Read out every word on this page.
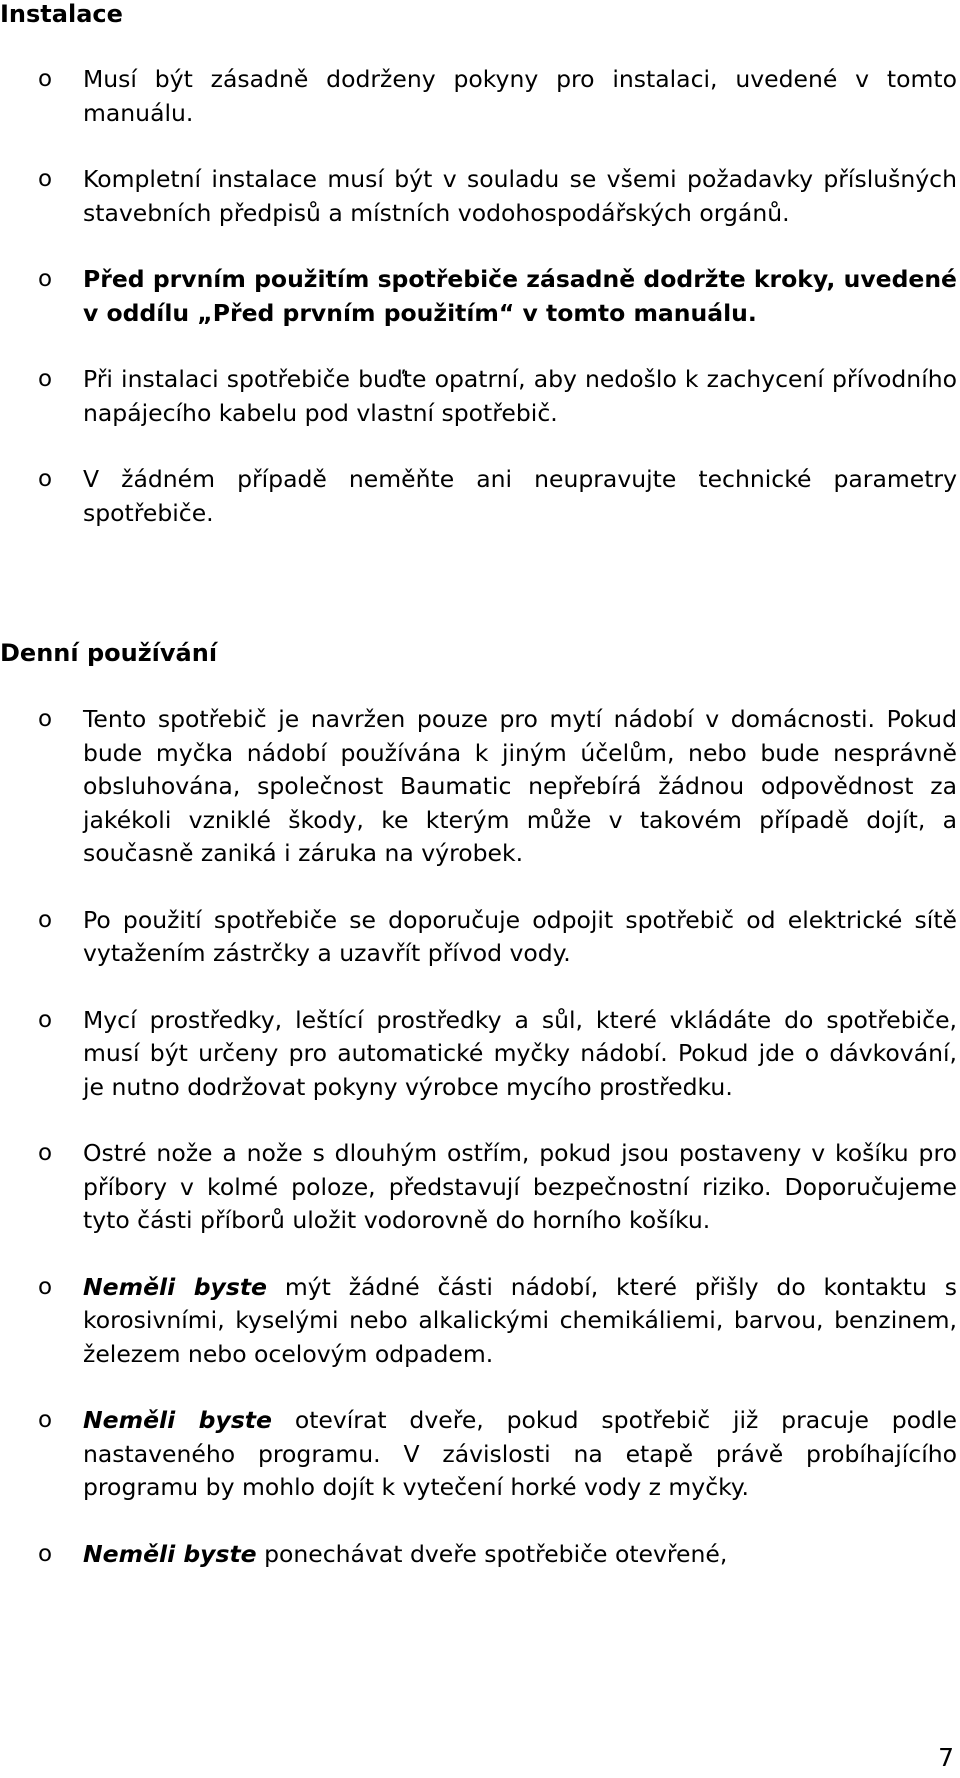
Instalace
o Musí být zásadně dodrženy pokyny pro instalaci, uvedené v tomto manuálu.
o Kompletní instalace musí být v souladu se všemi požadavky příslušných stavebních předpisů a místních vodohospodářských orgánů.
o Před prvním použitím spotřebiče zásadně dodržte kroky, uvedené v oddílu „Před prvním použitím“ v tomto manuálu.
o Při instalaci spotřebiče buďte opatrní, aby nedošlo k zachycení přívodního napájecího kabelu pod vlastní spotřebič.
o V žádném případě neměňte ani neupravujte technické parametry spotřebiče.
Denní používání
o Tento spotřebič je navržen pouze pro mytí nádobí v domácnosti. Pokud bude myčka nádobí používána k jiným účelům, nebo bude nesprávně obsluhována, společnost Baumatic nepřebírá žádnou odpovědnost za jakékoli vzniklé škody, ke kterým může v takovém případě dojít, a současně zaniká i záruka na výrobek.
o Po použití spotřebiče se doporučuje odpojit spotřebič od elektrické sítě vytažením zástrčky a uzavřít přívod vody.
o Mycí prostředky, leštící prostředky a sůl, které vkládáte do spotřebiče, musí být určeny pro automatické myčky nádobí. Pokud jde o dávkování, je nutno dodržovat pokyny výrobce mycího prostředku.
o Ostré nože a nože s dlouhým ostřím, pokud jsou postaveny v košíku pro příbory v kolmé poloze, představují bezpečnostní riziko. Doporučujeme tyto části příborů uložit vodorovně do horního košíku.
o Neměli byste mýt žádné části nádobí, které přišly do kontaktu s korosivními, kyselými nebo alkalickými chemikáliemi, barvou, benzinem, železem nebo ocelovým odpadem.
o Neměli byste otevírat dveře, pokud spotřebič již pracuje podle nastaveného programu. V závislosti na etapě právě probíhajícího programu by mohlo dojít k vytečení horké vody z myčky.
o Neměli byste ponechávat dveře spotřebiče otevřené,
7
